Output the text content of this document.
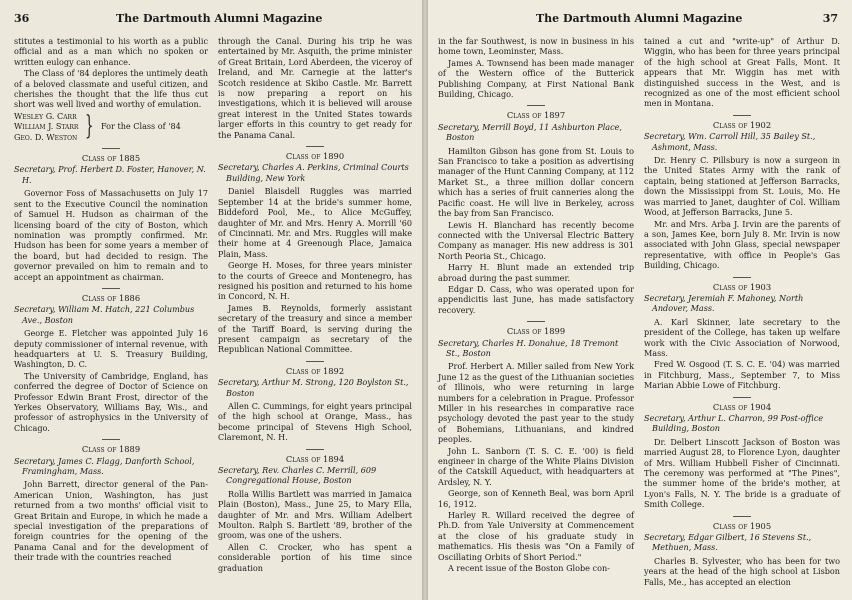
36	The Dartmouth Alumni Magazine

stitutes a testimonial to his worth as a public official and as a man which no spoken or written eulogy can enhance.

The Class of '84 deplores the untimely death of a beloved classmate and useful citizen, and cherishes the thought that the life thus cut short was well lived and worthy of emulation.

Wesley G. Carr
William J. Starr
Geo. D. Weston } For the Class of '84
Class of 1885
Secretary, Prof. Herbert D. Foster, Hanover, N. H.

Governor Foss of Massachusetts on July 17 sent to the Executive Council the nomination of Samuel H. Hudson as chairman of the licensing board of the city of Boston, which nomination was promptly confirmed. Mr. Hudson has been for some years a member of the board, but had decided to resign. The governor prevailed on him to remain and to accept an appointment as chairman.

Class of 1886
Secretary, William M. Hatch, 221 Columbus Ave., Boston

George E. Fletcher was appointed July 16 deputy commissioner of internal revenue, with headquarters at U. S. Treasury Building, Washington, D. C.

The University of Cambridge, England, has conferred the degree of Doctor of Science on Professor Edwin Brant Frost, director of the Yerkes Observatory, Williams Bay, Wis., and professor of astrophysics in the University of Chicago.

Class of 1889
Secretary, James C. Flagg, Danforth School, Framingham, Mass.

John Barrett, director general of the Pan-American Union, Washington, has just returned from a two months' official visit to Great Britain and Europe, in which he made a special investigation of the preparations of foreign countries for the opening of the Panama Canal and for the development of their trade with the countries reached

through the Canal. During his trip he was entertained by Mr. Asquith, the prime minister of Great Britain, Lord Aberdeen, the viceroy of Ireland, and Mr. Carnegie at the latter's Scotch residence at Skibo Castle. Mr. Barrett is now preparing a report on his investigations, which it is believed will arouse great interest in the United States towards larger efforts in this country to get ready for the Panama Canal.

Class of 1890
Secretary, Charles A. Perkins, Criminal Courts Building, New York

Daniel Blaisdell Ruggles was married September 14 at the bride's summer home, Biddeford Pool, Me., to Alice McGuffey, daughter of Mr. and Mrs. Henry A. Morrill '60 of Cincinnati. Mr. and Mrs. Ruggles will make their home at 4 Greenough Place, Jamaica Plain, Mass.

George H. Moses, for three years minister to the courts of Greece and Montenegro, has resigned his position and returned to his home in Concord, N. H.

James B. Reynolds, formerly assistant secretary of the treasury and since a member of the Tariff Board, is serving during the present campaign as secretary of the Republican National Committee.

Class of 1892
Secretary, Arthur M. Strong, 120 Boylston St., Boston

Allen C. Cummings, for eight years principal of the high school at Orange, Mass., has become principal of Stevens High School, Claremont, N. H.

Class of 1894
Secretary, Rev. Charles C. Merrill, 609 Congregational House, Boston

Rolla Willis Bartlett was married in Jamaica Plain (Boston), Mass., June 25, to Mary Ella, daughter of Mr. and Mrs. William Adelbert Moulton. Ralph S. Bartlett '89, brother of the groom, was one of the ushers.

Allen C. Crocker, who has spent a considerable portion of his time since graduation

The Dartmouth Alumni Magazine	37

in the far Southwest, is now in business in his home town, Leominster, Mass.

James A. Townsend has been made manager of the Western office of the Butterick Publishing Company, at First National Bank Building, Chicago.

Class of 1897
Secretary, Merrill Boyd, 11 Ashburton Place, Boston

Hamilton Gibson has gone from St. Louis to San Francisco to take a position as advertising manager of the Hunt Canning Company, at 112 Market St., a three million dollar concern which has a series of fruit canneries along the Pacific coast. He will live in Berkeley, across the bay from San Francisco.

Lewis H. Blanchard has recently become connected with the Universal Electric Battery Company as manager. His new address is 301 North Peoria St., Chicago.

Harry H. Blunt made an extended trip abroad during the past summer.

Edgar D. Cass, who was operated upon for appendicitis last June, has made satisfactory recovery.

Class of 1899
Secretary, Charles H. Donahue, 18 Tremont St., Boston

Prof. Herbert A. Miller sailed from New York June 12 as the guest of the Lithuanian societies of Illinois, who were returning in large numbers for a celebration in Prague. Professor Miller in his researches in comparative race psychology devoted the past year to the study of Bohemians, Lithuanians, and kindred peoples.

John L. Sanborn (T. S. C. E. '00) is field engineer in charge of the White Plains Division of the Catskill Aqueduct, with headquarters at Ardsley, N. Y.

George, son of Kenneth Beal, was born April 16, 1912.

Harley R. Willard received the degree of Ph.D. from Yale University at Commencement at the close of his graduate study in mathematics. His thesis was "On a Family of Oscillating Orbits of Short Period."

A recent issue of the Boston Globe con-

tained a cut and "write-up" of Arthur D. Wiggin, who has been for three years principal of the high school at Great Falls, Mont. It appears that Mr. Wiggin has met with distinguished success in the West, and is recognized as one of the most efficient school men in Montana.

Class of 1902
Secretary, Wm. Carroll Hill, 35 Bailey St., Ashmont, Mass.

Dr. Henry C. Pillsbury is now a surgeon in the United States Army with the rank of captain, being stationed at Jefferson Barracks, down the Mississippi from St. Louis, Mo. He was married to Janet, daughter of Col. William Wood, at Jefferson Barracks, June 5.

Mr. and Mrs. Arba J. Irvin are the parents of a son, James Kee, born July 8. Mr. Irvin is now associated with John Glass, special newspaper representative, with office in People's Gas Building, Chicago.

Class of 1903
Secretary, Jeremiah F. Mahoney, North Andover, Mass.

A. Karl Skinner, late secretary to the president of the College, has taken up welfare work with the Civic Association of Norwood, Mass.

Fred W. Osgood (T. S. C. E. '04) was married in Fitchburg, Mass., September 7, to Miss Marian Abbie Lowe of Fitchburg.

Class of 1904
Secretary, Arthur L. Charron, 99 Post-office Building, Boston

Dr. Delbert Linscott Jackson of Boston was married August 28, to Florence Lyon, daughter of Mrs. William Hubbell Fisher of Cincinnati. The ceremony was performed at "The Pines", the summer home of the bride's mother, at Lyon's Falls, N. Y. The bride is a graduate of Smith College.

Class of 1905
Secretary, Edgar Gilbert, 16 Stevens St., Methuen, Mass.

Charles B. Sylvester, who has been for two years at the head of the high school at Lisbon Falls, Me., has accepted an election
